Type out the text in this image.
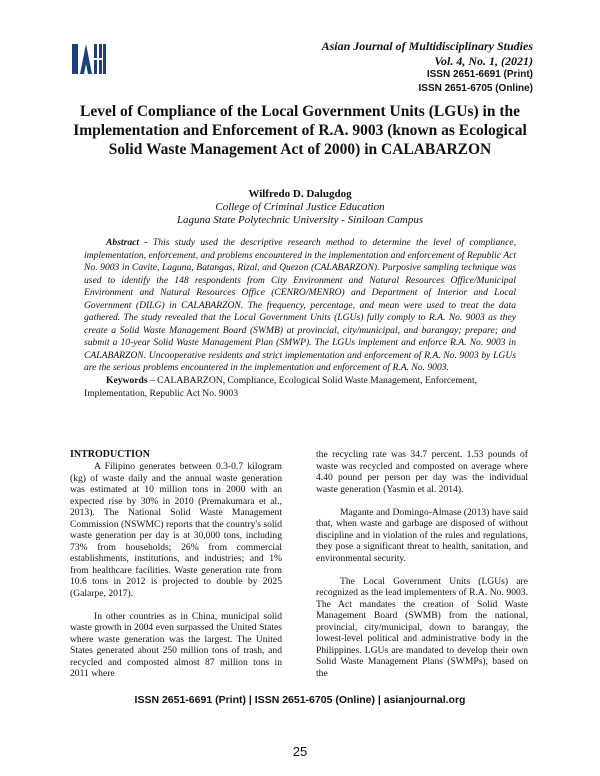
Asian Journal of Multidisciplinary Studies
Vol. 4, No. 1, (2021)
ISSN 2651-6691 (Print)
ISSN 2651-6705 (Online)
Level of Compliance of the Local Government Units (LGUs) in the Implementation and Enforcement of R.A. 9003 (known as Ecological Solid Waste Management Act of 2000) in CALABARZON
Wilfredo D. Dalugdog
College of Criminal Justice Education
Laguna State Polytechnic University - Siniloan Campus

Abstract - This study used the descriptive research method to determine the level of compliance, implementation, enforcement, and problems encountered in the implementation and enforcement of Republic Act No. 9003 in Cavite, Laguna, Batangas, Rizal, and Quezon (CALABARZON). Purposive sampling technique was used to identify the 148 respondents from City Environment and Natural Resources Office/Municipal Environment and Natural Resources Office (CENRO/MENRO) and Department of Interior and Local Government (DILG) in CALABARZON. The frequency, percentage, and mean were used to treat the data gathered. The study revealed that the Local Government Units (LGUs) fully comply to R.A. No. 9003 as they create a Solid Waste Management Board (SWMB) at provincial, city/municipal, and barangay; prepare; and submit a 10-year Solid Waste Management Plan (SMWP). The LGUs implement and enforce R.A. No. 9003 in CALABARZON. Uncooperative residents and strict implementation and enforcement of R.A. No. 9003 by LGUs are the serious problems encountered in the implementation and enforcement of R.A. No. 9003.

Keywords – CALABARZON, Compliance, Ecological Solid Waste Management, Enforcement, Implementation, Republic Act No. 9003

INTRODUCTION

A Filipino generates between 0.3-0.7 kilogram (kg) of waste daily and the annual waste generation was estimated at 10 million tons in 2000 with an expected rise by 30% in 2010 (Premakumara et al., 2013). The National Solid Waste Management Commission (NSWMC) reports that the country's solid waste generation per day is at 30,000 tons, including 73% from households; 26% from commercial establishments, institutions, and industries; and 1% from healthcare facilities. Waste generation rate from 10.6 tons in 2012 is projected to double by 2025 (Galarpe, 2017).

In other countries as in China, municipal solid waste growth in 2004 even surpassed the United States where waste generation was the largest. The United States generated about 250 million tons of trash, and recycled and composted almost 87 million tons in 2011 where

the recycling rate was 34.7 percent. 1.53 pounds of waste was recycled and composted on average where 4.40 pound per person per day was the individual waste generation (Yasmin et al. 2014).

Magante and Domingo-Almase (2013) have said that, when waste and garbage are disposed of without discipline and in violation of the rules and regulations, they pose a significant threat to health, sanitation, and environmental security.

The Local Government Units (LGUs) are recognized as the lead implementers of R.A. No. 9003. The Act mandates the creation of Solid Waste Management Board (SWMB) from the national, provincial, city/municipal, down to barangay, the lowest-level political and administrative body in the Philippines. LGUs are mandated to develop their own Solid Waste Management Plans (SWMPs), based on the

ISSN 2651-6691 (Print) | ISSN 2651-6705 (Online) | asianjournal.org
25
